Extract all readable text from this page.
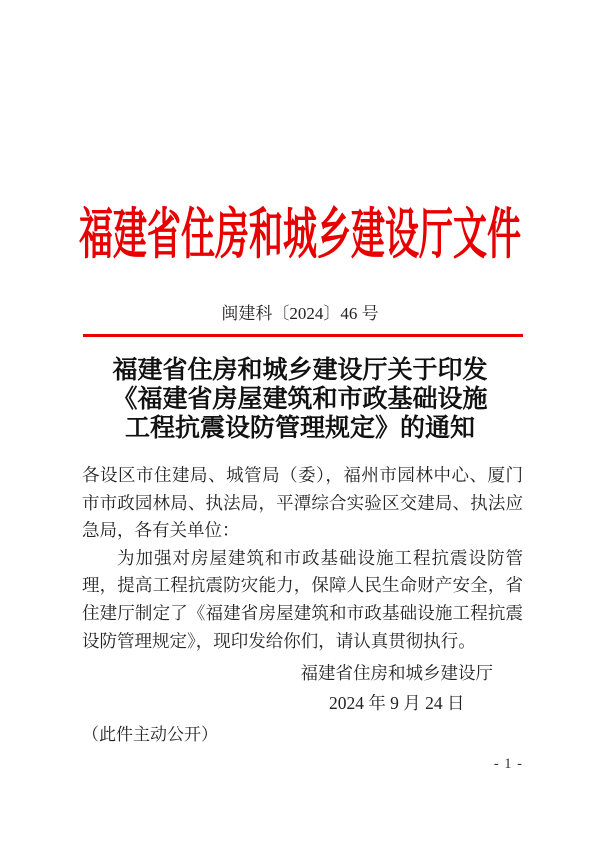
福建省住房和城乡建设厅文件
闽建科〔2024〕46 号
福建省住房和城乡建设厅关于印发
《福建省房屋建筑和市政基础设施
工程抗震设防管理规定》的通知

各设区市住建局、城管局（委），福州市园林中心、厦门市市政园林局、执法局，平潭综合实验区交建局、执法应急局，各有关单位：

为加强对房屋建筑和市政基础设施工程抗震设防管理，提高工程抗震防灾能力，保障人民生命财产安全，省住建厅制定了《福建省房屋建筑和市政基础设施工程抗震设防管理规定》，现印发给你们，请认真贯彻执行。

福建省住房和城乡建设厅
2024 年 9 月 24 日
（此件主动公开）
- 1 -
